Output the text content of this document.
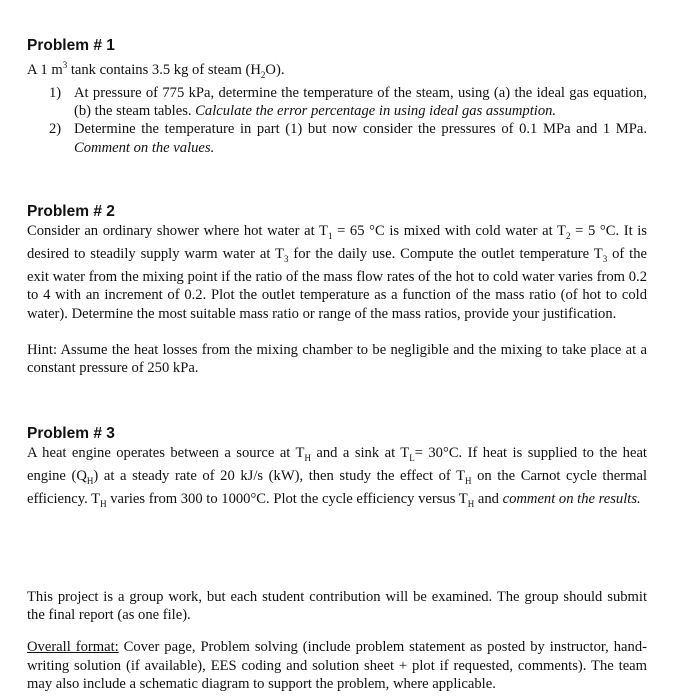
Problem # 1
A 1 $m^3$ tank contains 3.5 kg of steam $(H_2O)$.
1) At pressure of 775 kPa, determine the temperature of the steam, using (a) the ideal gas equation, (b) the steam tables. Calculate the error percentage in using ideal gas assumption.
2) Determine the temperature in part (1) but now consider the pressures of 0.1 MPa and 1 MPa. Comment on the values.
Problem # 2
Consider an ordinary shower where hot water at $T_1 = 65$ °C is mixed with cold water at $T_2 = 5$ °C. It is desired to steadily supply warm water at $T_3$ for the daily use. Compute the outlet temperature $T_3$ of the exit water from the mixing point if the ratio of the mass flow rates of the hot to cold water varies from 0.2 to 4 with an increment of 0.2. Plot the outlet temperature as a function of the mass ratio (of hot to cold water). Determine the most suitable mass ratio or range of the mass ratios, provide your justification.
Hint: Assume the heat losses from the mixing chamber to be negligible and the mixing to take place at a constant pressure of 250 kPa.
Problem # 3
A heat engine operates between a source at $T_H$ and a sink at $T_L= 30^\circ C$. If heat is supplied to the heat engine $(Q_H)$ at a steady rate of 20 kJ/s (kW), then study the effect of $T_H$ on the Carnot cycle thermal efficiency. $T_H$ varies from 300 to 1000°C. Plot the cycle efficiency versus $T_H$ and comment on the results.
This project is a group work, but each student contribution will be examined. The group should submit the final report (as one file).
Overall format: Cover page, Problem solving (include problem statement as posted by instructor, hand-writing solution (if available), EES coding and solution sheet + plot if requested, comments). The team may also include a schematic diagram to support the problem, where applicable.
